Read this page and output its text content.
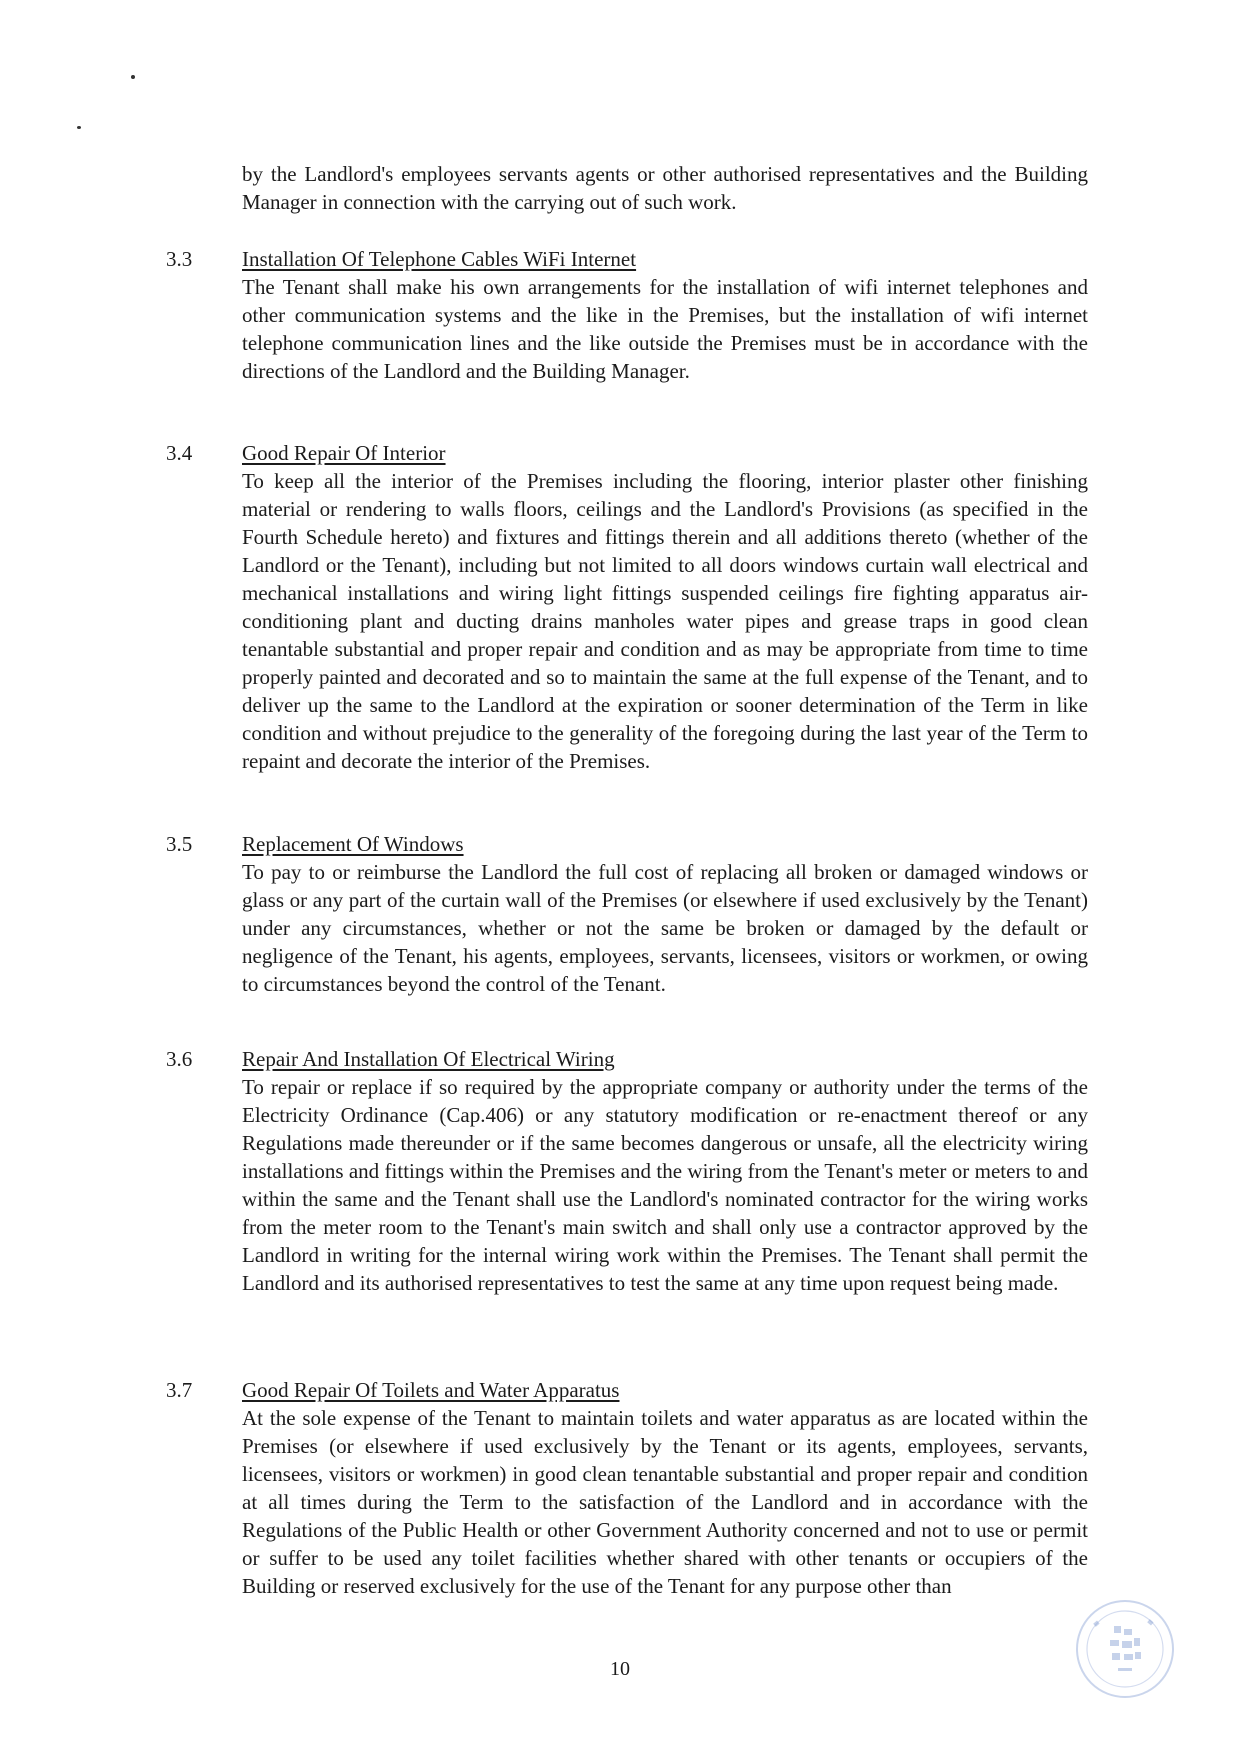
by the Landlord's employees servants agents or other authorised representatives and the Building Manager in connection with the carrying out of such work.
3.3	Installation Of Telephone Cables WiFi Internet
The Tenant shall make his own arrangements for the installation of wifi internet telephones and other communication systems and the like in the Premises, but the installation of wifi internet telephone communication lines and the like outside the Premises must be in accordance with the directions of the Landlord and the Building Manager.
3.4	Good Repair Of Interior
To keep all the interior of the Premises including the flooring, interior plaster other finishing material or rendering to walls floors, ceilings and the Landlord's Provisions (as specified in the Fourth Schedule hereto) and fixtures and fittings therein and all additions thereto (whether of the Landlord or the Tenant), including but not limited to all doors windows curtain wall electrical and mechanical installations and wiring light fittings suspended ceilings fire fighting apparatus air-conditioning plant and ducting drains manholes water pipes and grease traps in good clean tenantable substantial and proper repair and condition and as may be appropriate from time to time properly painted and decorated and so to maintain the same at the full expense of the Tenant, and to deliver up the same to the Landlord at the expiration or sooner determination of the Term in like condition and without prejudice to the generality of the foregoing during the last year of the Term to repaint and decorate the interior of the Premises.
3.5	Replacement Of Windows
To pay to or reimburse the Landlord the full cost of replacing all broken or damaged windows or glass or any part of the curtain wall of the Premises (or elsewhere if used exclusively by the Tenant) under any circumstances, whether or not the same be broken or damaged by the default or negligence of the Tenant, his agents, employees, servants, licensees, visitors or workmen, or owing to circumstances beyond the control of the Tenant.
3.6	Repair And Installation Of Electrical Wiring
To repair or replace if so required by the appropriate company or authority under the terms of the Electricity Ordinance (Cap.406) or any statutory modification or re-enactment thereof or any Regulations made thereunder or if the same becomes dangerous or unsafe, all the electricity wiring installations and fittings within the Premises and the wiring from the Tenant's meter or meters to and within the same and the Tenant shall use the Landlord's nominated contractor for the wiring works from the meter room to the Tenant's main switch and shall only use a contractor approved by the Landlord in writing for the internal wiring work within the Premises. The Tenant shall permit the Landlord and its authorised representatives to test the same at any time upon request being made.
3.7	Good Repair Of Toilets and Water Apparatus
At the sole expense of the Tenant to maintain toilets and water apparatus as are located within the Premises (or elsewhere if used exclusively by the Tenant or its agents, employees, servants, licensees, visitors or workmen) in good clean tenantable substantial and proper repair and condition at all times during the Term to the satisfaction of the Landlord and in accordance with the Regulations of the Public Health or other Government Authority concerned and not to use or permit or suffer to be used any toilet facilities whether shared with other tenants or occupiers of the Building or reserved exclusively for the use of the Tenant for any purpose other than
10
